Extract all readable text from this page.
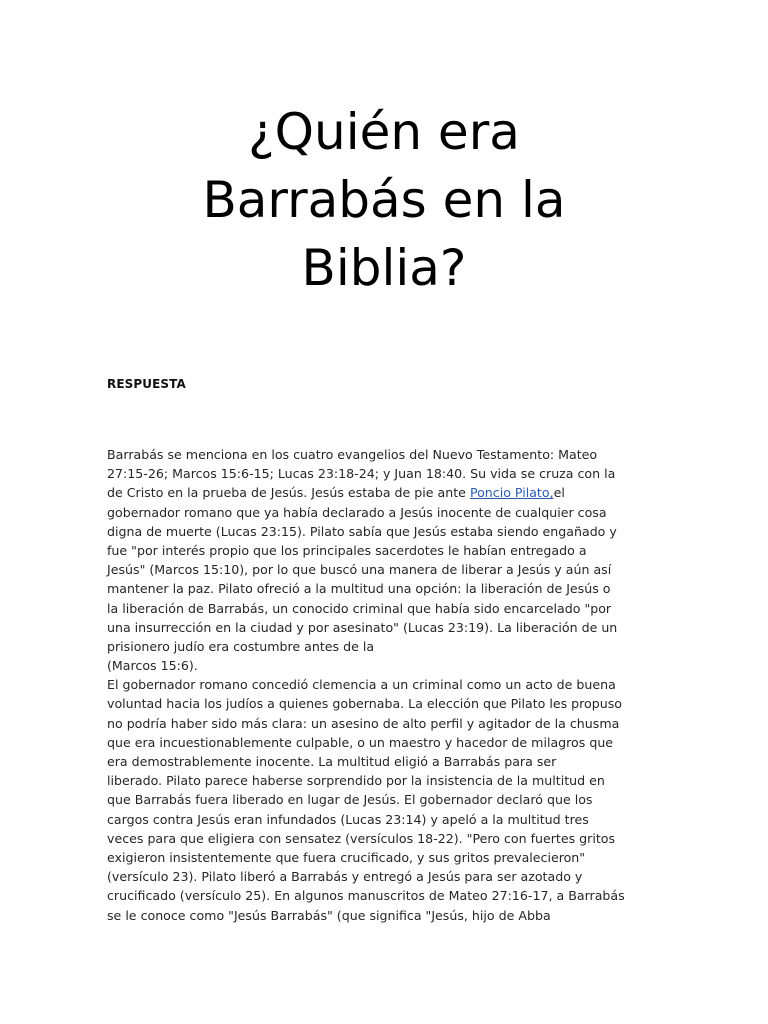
¿Quién era
Barrabás en la
Biblia?
RESPUESTA
Barrabás se menciona en los cuatro evangelios del Nuevo Testamento: Mateo
27:15-26; Marcos 15:6-15; Lucas 23:18-24; y Juan 18:40. Su vida se cruza con la
de Cristo en la prueba de Jesús. Jesús estaba de pie ante Poncio Pilato,el
gobernador romano que ya había declarado a Jesús inocente de cualquier cosa
digna de muerte (Lucas 23:15). Pilato sabía que Jesús estaba siendo engañado y
fue "por interés propio que los principales sacerdotes le habían entregado a
Jesús" (Marcos 15:10), por lo que buscó una manera de liberar a Jesús y aún así
mantener la paz. Pilato ofreció a la multitud una opción: la liberación de Jesús o
la liberación de Barrabás, un conocido criminal que había sido encarcelado "por
una insurrección en la ciudad y por asesinato" (Lucas 23:19). La liberación de un
prisionero judío era costumbre antes de la
(Marcos 15:6).
El gobernador romano concedió clemencia a un criminal como un acto de buena
voluntad hacia los judíos a quienes gobernaba. La elección que Pilato les propuso
no podría haber sido más clara: un asesino de alto perfil y agitador de la chusma
que era incuestionablemente culpable, o un maestro y hacedor de milagros que
era demostrablemente inocente. La multitud eligió a Barrabás para ser
liberado. Pilato parece haberse sorprendido por la insistencia de la multitud en
que Barrabás fuera liberado en lugar de Jesús. El gobernador declaró que los
cargos contra Jesús eran infundados (Lucas 23:14) y apeló a la multitud tres
veces para que eligiera con sensatez (versículos 18-22). "Pero con fuertes gritos
exigieron insistentemente que fuera crucificado, y sus gritos prevalecieron"
(versículo 23). Pilato liberó a Barrabás y entregó a Jesús para ser azotado y
crucificado (versículo 25). En algunos manuscritos de Mateo 27:16-17, a Barrabás
se le conoce como "Jesús Barrabás" (que significa "Jesús, hijo de Abba
